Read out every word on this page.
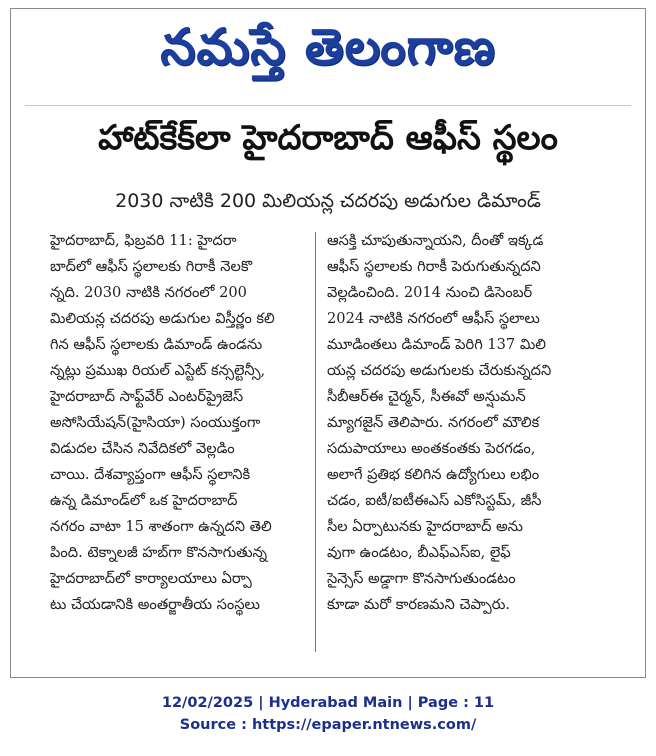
నమస్తే తెలంగాణ
హాట్‌కేక్‌లా హైదరాబాద్ ఆఫీస్ స్థలం
2030 నాటికి 200 మిలియన్ల చదరపు అడుగుల డిమాండ్
హైదరాబాద్, ఫిబ్రవరి 11: హైదరా
బాద్‌లో ఆఫీస్ స్థలాలకు గిరాకీ నెలకొ
న్నది. 2030 నాటికి నగరంలో 200
మిలియన్ల చదరపు అడుగుల విస్తీర్ణం కలి
గిన ఆఫీస్ స్థలాలకు డిమాండ్ ఉండను
న్నట్లు ప్రముఖ రియల్ ఎస్టేట్ కన్సల్టెన్సీ,
హైదరాబాద్ సాఫ్ట్‌వేర్ ఎంటర్‌ప్రైజెస్
అసోసియేషన్(హైసియా) సంయుక్తంగా
విడుదల చేసిన నివేదికలో వెల్లడిం
చాయి. దేశవ్యాప్తంగా ఆఫీస్ స్థలానికి
ఉన్న డిమాండ్‌లో ఒక హైదరాబాద్
నగరం వాటా 15 శాతంగా ఉన్నదని తెలి
పింది. టెక్నాలజీ హబ్‌గా కొనసాగుతున్న
హైదరాబాద్‌లో కార్యాలయాలు ఏర్పా
టు చేయడానికి అంతర్జాతీయ సంస్థలు
ఆసక్తి చూపుతున్నాయని, దీంతో ఇక్కడ
ఆఫీస్ స్థలాలకు గిరాకీ పెరుగుతున్నదని
వెల్లడించింది. 2014 నుంచి డిసెంబర్
2024 నాటికి నగరంలో ఆఫీస్ స్థలాలు
మూడింతలు డిమాండ్ పెరిగి 137 మిలి
యన్ల చదరపు అడుగులకు చేరుకున్నదని
సీబీఆర్ఈ చైర్మన్, సీఈవో అన్షుమన్
మ్యాగజైన్ తెలిపారు. నగరంలో మౌలిక
సదుపాయాలు అంతకంతకు పెరగడం,
అలాగే ప్రతిభ కలిగిన ఉద్యోగులు లభిం
చడం, ఐటీ/ఐటీఈఎస్ ఎకోసిస్టమ్, జీసీ
సీల ఏర్పాటునకు హైదరాబాద్ అను
వుగా ఉండటం, బీఎఫ్ఎస్ఐ, లైఫ్
సైన్సెస్ అడ్డాగా కొనసాగుతుండటం
కూడా మరో కారణమని చెప్పారు.
12/02/2025 | Hyderabad Main | Page : 11
Source : https://epaper.ntnews.com/
